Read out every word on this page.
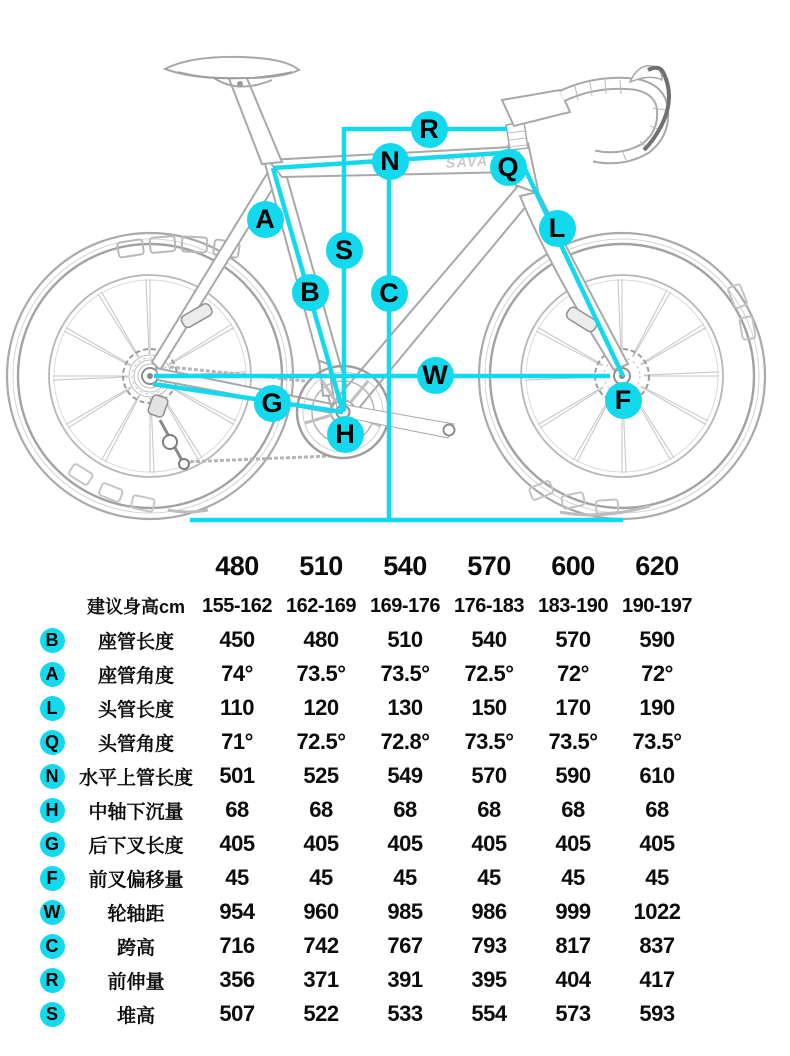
SAVA
R
N	Q
A
S
B	C
L
W
G
H
F
480	510	540	570	600	620
建议身高cm 155-162 162-169 169-176 176-183 183-190 190-197
B	座管长度	450	480	510	540	570	590
A	座管角度	74°	73.5°	73.5°	72.5°	72°	72°
L	头管长度	110	120	130	150	170	190
Q	头管角度	71°	72.5°	72.8°	73.5°	73.5°	73.5°
N	水平上管长度	501	525	549	570	590	610
H	中轴下沉量	68	68	68	68	68	68
G	后下叉长度	405	405	405	405	405	405
F	前叉偏移量	45	45	45	45	45	45
W	轮轴距	954	960	985	986	999	1022
C	跨高	716	742	767	793	817	837
R	前伸量	356	371	391	395	404	417
S	堆高	507	522	533	554	573	593
